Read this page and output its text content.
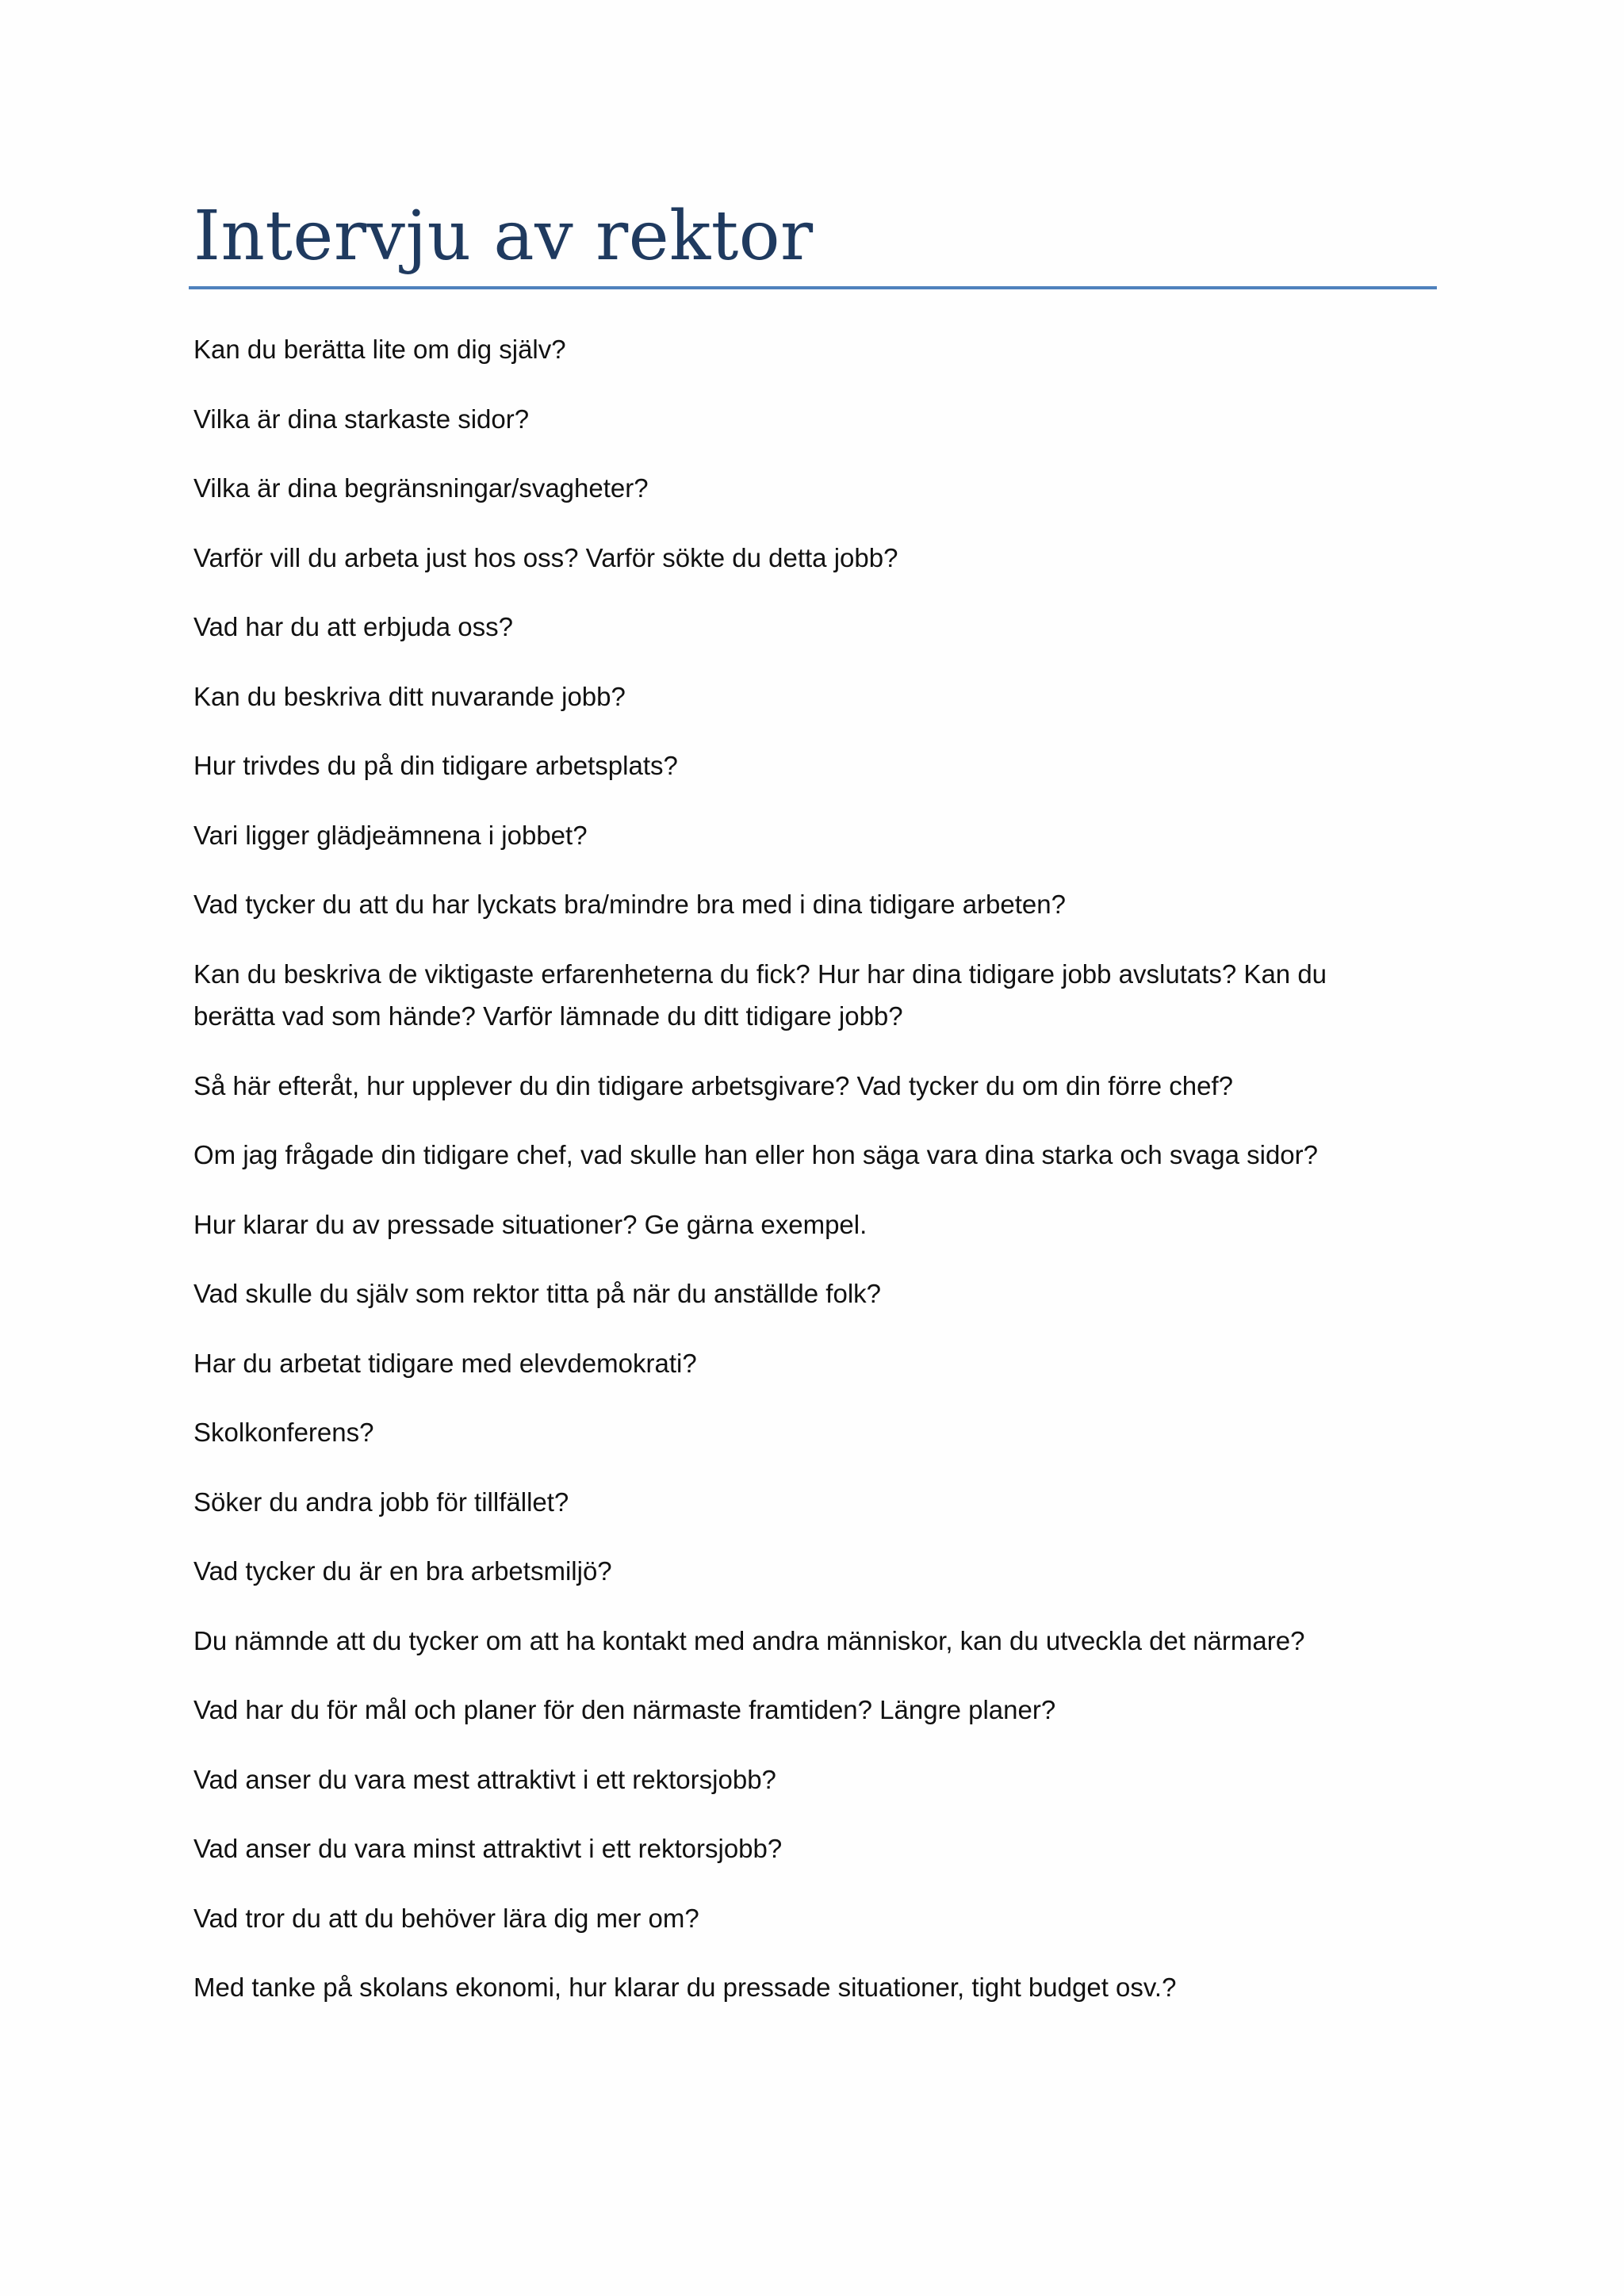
Intervju av rektor
Kan du berätta lite om dig själv?
Vilka är dina starkaste sidor?
Vilka är dina begränsningar/svagheter?
Varför vill du arbeta just hos oss? Varför sökte du detta jobb?
Vad har du att erbjuda oss?
Kan du beskriva ditt nuvarande jobb?
Hur trivdes du på din tidigare arbetsplats?
Vari ligger glädjeämnena i jobbet?
Vad tycker du att du har lyckats bra/mindre bra med i dina tidigare arbeten?
Kan du beskriva de viktigaste erfarenheterna du fick? Hur har dina tidigare jobb avslutats? Kan du
berätta vad som hände? Varför lämnade du ditt tidigare jobb?
Så här efteråt, hur upplever du din tidigare arbetsgivare? Vad tycker du om din förre chef?
Om jag frågade din tidigare chef, vad skulle han eller hon säga vara dina starka och svaga sidor?
Hur klarar du av pressade situationer? Ge gärna exempel.
Vad skulle du själv som rektor titta på när du anställde folk?
Har du arbetat tidigare med elevdemokrati?
Skolkonferens?
Söker du andra jobb för tillfället?
Vad tycker du är en bra arbetsmiljö?
Du nämnde att du tycker om att ha kontakt med andra människor, kan du utveckla det närmare?
Vad har du för mål och planer för den närmaste framtiden? Längre planer?
Vad anser du vara mest attraktivt i ett rektorsjobb?
Vad anser du vara minst attraktivt i ett rektorsjobb?
Vad tror du att du behöver lära dig mer om?
Med tanke på skolans ekonomi, hur klarar du pressade situationer, tight budget osv.?
